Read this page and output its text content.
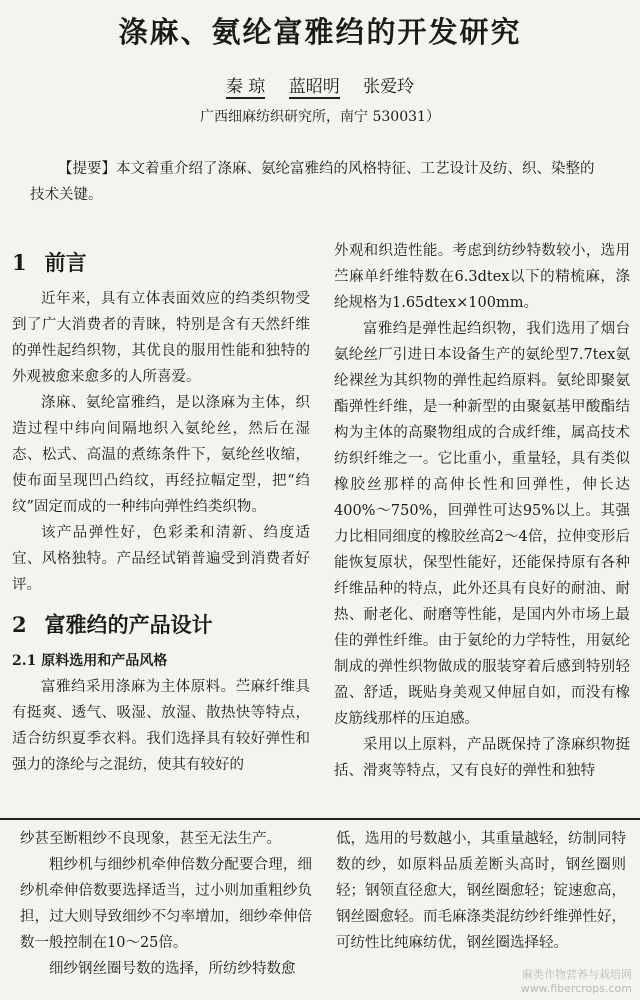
涤麻、氨纶富雅绉的开发研究
秦 琼 蓝昭明 张爱玲
广西细麻纺织研究所，南宁 530031）
【提要】本文着重介绍了涤麻、氨纶富雅绉的风格特征、工艺设计及纺、织、染整的技术关键。
1 前言

近年来，具有立体表面效应的绉类织物受到了广大消费者的青睐，特别是含有天然纤维的弹性起绉织物，其优良的服用性能和独特的外观被愈来愈多的人所喜爱。

涤麻、氨纶富雅绉，是以涤麻为主体，织造过程中纬向间隔地织入氨纶丝，然后在湿态、松式、高温的煮练条件下，氨纶丝收缩，使布面呈现凹凸绉纹，再经拉幅定型，把“绉纹”固定而成的一种纬向弹性绉类织物。

该产品弹性好，色彩柔和清新、绉度适宜、风格独特。产品经试销普遍受到消费者好评。

2 富雅绉的产品设计
2.1 原料选用和产品风格

富雅绉采用涤麻为主体原料。苎麻纤维具有挺爽、透气、吸湿、放湿、散热快等特点，适合纺织夏季衣料。我们选择具有较好弹性和强力的涤纶与之混纺，使其有较好的

外观和织造性能。考虑到纺纱特数较小，选用苎麻单纤维特数在6.3dtex以下的精梳麻，涤纶规格为1.65dtex×100mm。

富雅绉是弹性起绉织物，我们选用了烟台氨纶丝厂引进日本设备生产的氨纶型7.7tex氨纶裸丝为其织物的弹性起绉原料。氨纶即聚氨酯弹性纤维，是一种新型的由聚氨基甲酸酯结构为主体的高聚物组成的合成纤维，属高技术纺织纤维之一。它比重小，重量轻，具有类似橡胶丝那样的高伸长性和回弹性，伸长达400%～750%，回弹性可达95%以上。其强力比相同细度的橡胶丝高2～4倍，拉伸变形后能恢复原状，保型性能好，还能保持原有各种纤维品种的特点，此外还具有良好的耐油、耐热、耐老化、耐磨等性能，是国内外市场上最佳的弹性纤维。由于氨纶的力学特性，用氨纶制成的弹性织物做成的服装穿着后感到特别轻盈、舒适，既贴身美观又伸屈自如，而没有橡皮筋线那样的压迫感。

采用以上原料，产品既保持了涤麻织物挺括、滑爽等特点，又有良好的弹性和独特

纱甚至断粗纱不良现象，甚至无法生产。

粗纱机与细纱机牵伸倍数分配要合理，细纱机牵伸倍数要选择适当，过小则加重粗纱负担，过大则导致细纱不匀率增加，细纱牵伸倍数一般控制在10～25倍。

细纱钢丝圈号数的选择，所纺纱特数愈

低，选用的号数越小，其重量越轻，纺制同特数的纱，如原料品质差断头高时，钢丝圈则轻；钢领直径愈大，钢丝圈愈轻；锭速愈高，钢丝圈愈轻。而毛麻涤类混纺纱纤维弹性好，可纺性比纯麻纺优，钢丝圈选择轻。

麻类作物营养与栽培网
www.fibercrops.com
